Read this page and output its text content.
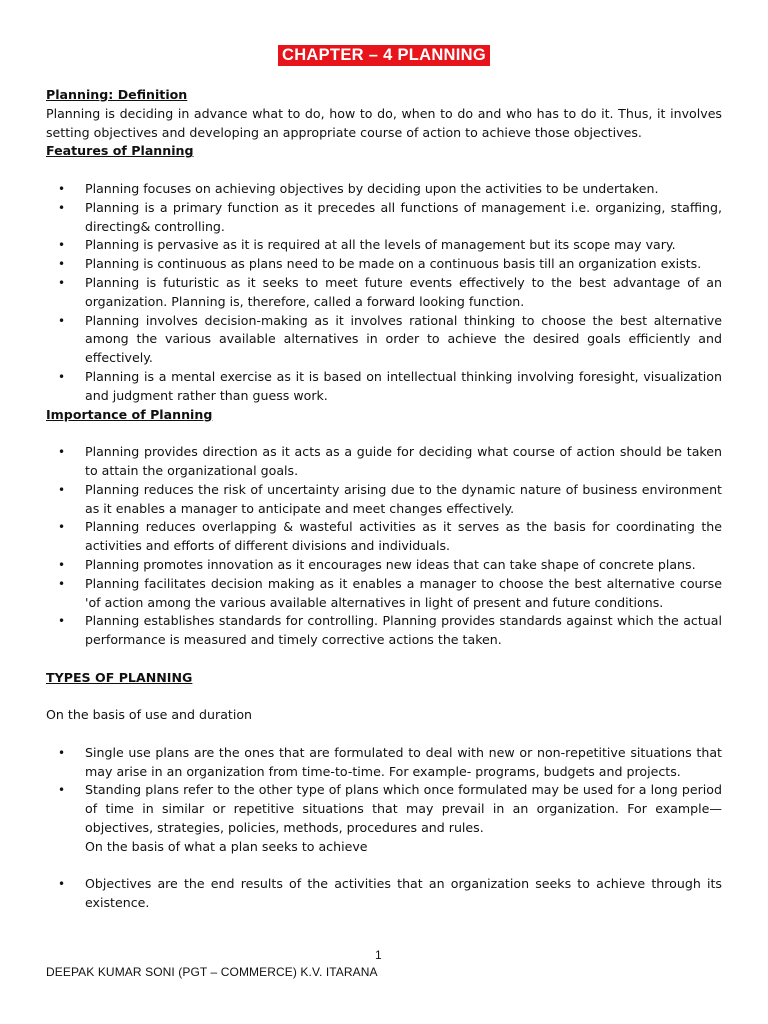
CHAPTER – 4 PLANNING

Planning: Definition

Planning is deciding in advance what to do, how to do, when to do and who has to do it. Thus, it involves setting objectives and developing an appropriate course of action to achieve those objectives.

Features of Planning

• Planning focuses on achieving objectives by deciding upon the activities to be undertaken.
• Planning is a primary function as it precedes all functions of management i.e. organizing, staffing, directing& controlling.
• Planning is pervasive as it is required at all the levels of management but its scope may vary.
• Planning is continuous as plans need to be made on a continuous basis till an organization exists.
• Planning is futuristic as it seeks to meet future events effectively to the best advantage of an organization. Planning is, therefore, called a forward looking function.
• Planning involves decision-making as it involves rational thinking to choose the best alternative among the various available alternatives in order to achieve the desired goals efficiently and effectively.
• Planning is a mental exercise as it is based on intellectual thinking involving foresight, visualization and judgment rather than guess work.

Importance of Planning

• Planning provides direction as it acts as a guide for deciding what course of action should be taken to attain the organizational goals.
• Planning reduces the risk of uncertainty arising due to the dynamic nature of business environment as it enables a manager to anticipate and meet changes effectively.
• Planning reduces overlapping & wasteful activities as it serves as the basis for coordinating the activities and efforts of different divisions and individuals.
• Planning promotes innovation as it encourages new ideas that can take shape of concrete plans.
• Planning facilitates decision making as it enables a manager to choose the best alternative course 'of action among the various available alternatives in light of present and future conditions.
• Planning establishes standards for controlling. Planning provides standards against which the actual performance is measured and timely corrective actions the taken.

TYPES OF PLANNING

On the basis of use and duration

• Single use plans are the ones that are formulated to deal with new or non-repetitive situations that may arise in an organization from time-to-time. For example- programs, budgets and projects.
• Standing plans refer to the other type of plans which once formulated may be used for a long period of time in similar or repetitive situations that may prevail in an organization. For example— objectives, strategies, policies, methods, procedures and rules.

On the basis of what a plan seeks to achieve

• Objectives are the end results of the activities that an organization seeks to achieve through its existence.
1
DEEPAK KUMAR SONI (PGT – COMMERCE) K.V. ITARANA
